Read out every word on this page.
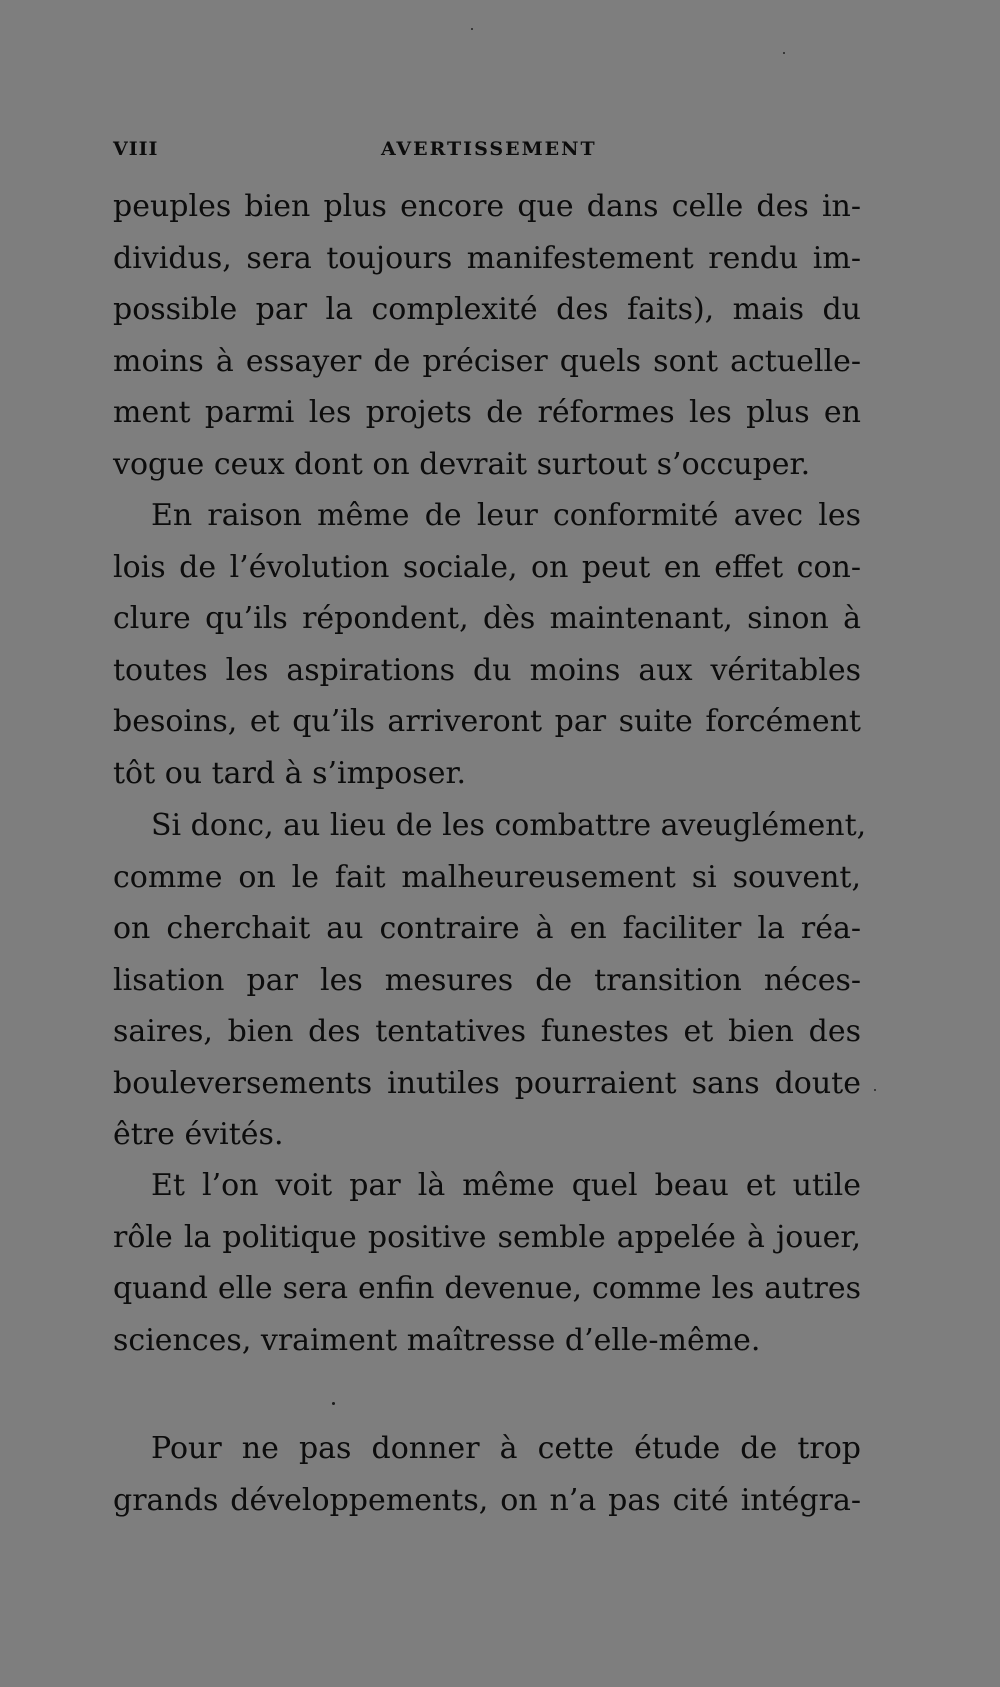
VIII	AVERTISSEMENT
peuples bien plus encore que dans celle des in-
dividus, sera toujours manifestement rendu im-
possible par la complexité des faits), mais du
moins à essayer de préciser quels sont actuelle-
ment parmi les projets de réformes les plus en
vogue ceux dont on devrait surtout s’occuper.
En raison même de leur conformité avec les
lois de l’évolution sociale, on peut en effet con-
clure qu’ils répondent, dès maintenant, sinon à
toutes les aspirations du moins aux véritables
besoins, et qu’ils arriveront par suite forcément
tôt ou tard à s’imposer.
Si donc, au lieu de les combattre aveuglément,
comme on le fait malheureusement si souvent,
on cherchait au contraire à en faciliter la réa-
lisation par les mesures de transition néces-
saires, bien des tentatives funestes et bien des
bouleversements inutiles pourraient sans doute
être évités.
Et l’on voit par là même quel beau et utile
rôle la politique positive semble appelée à jouer,
quand elle sera enfin devenue, comme les autres
sciences, vraiment maîtresse d’elle-même.
Pour ne pas donner à cette étude de trop
grands développements, on n’a pas cité intégra-
